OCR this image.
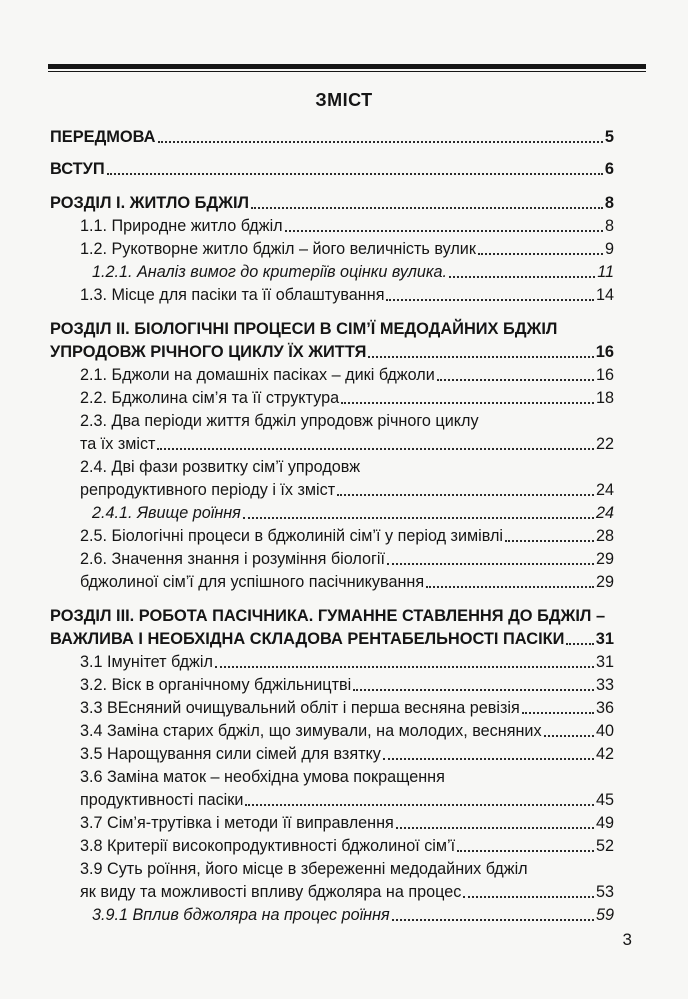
ЗМІСТ
ПЕРЕДМОВА	5
ВСТУП	6
РОЗДІЛ І. ЖИТЛО БДЖІЛ	8
1.1. Природне житло бджіл	8
1.2. Рукотворне житло бджіл – його величність вулик	9
1.2.1. Аналіз вимог до критеріїв оцінки вулика.	11
1.3. Місце для пасіки та її облаштування	14
РОЗДІЛ ІІ. БІОЛОГІЧНІ ПРОЦЕСИ В СІМ’Ї МЕДОДАЙНИХ БДЖІЛ
УПРОДОВЖ РІЧНОГО ЦИКЛУ ЇХ ЖИТТЯ	16
2.1. Бджоли на домашніх пасіках – дикі бджоли	16
2.2. Бджолина сім’я та її структура	18
2.3. Два періоди життя бджіл упродовж річного циклу
та їх зміст	22
2.4. Дві фази розвитку сім’ї упродовж
репродуктивного періоду і їх зміст	24
2.4.1. Явище роїння	24
2.5. Біологічні процеси в бджолиній сім’ї у період зимівлі	28
2.6. Значення знання і розуміння біології	29
бджолиної сім’ї для успішного пасічникування	29
РОЗДІЛ ІІІ. РОБОТА ПАСІЧНИКА. ГУМАННЕ СТАВЛЕННЯ ДО БДЖІЛ –
ВАЖЛИВА І НЕОБХІДНА СКЛАДОВА РЕНТАБЕЛЬНОСТІ ПАСІКИ 31
3.1 Імунітет бджіл	31
3.2. Віск в органічному бджільництві	33
3.3 ВЕсняний очищувальний облiт і перша весняна ревізія	36
3.4 Заміна старих бджіл, що зимували, на молодих, весняних	40
3.5 Нарощування сили сімей для взятку	42
3.6 Заміна маток – необхідна умова покращення
продуктивності пасіки	45
3.7 Сім’я-трутівка і методи її виправлення	49
3.8 Критерії високопродуктивності бджолиної сім’ї	52
3.9 Суть роїння, його місце в збереженні медодайних бджіл
як виду та можливості впливу бджоляра на процес	53
3.9.1 Вплив бджоляра на процес роїння	59
3
